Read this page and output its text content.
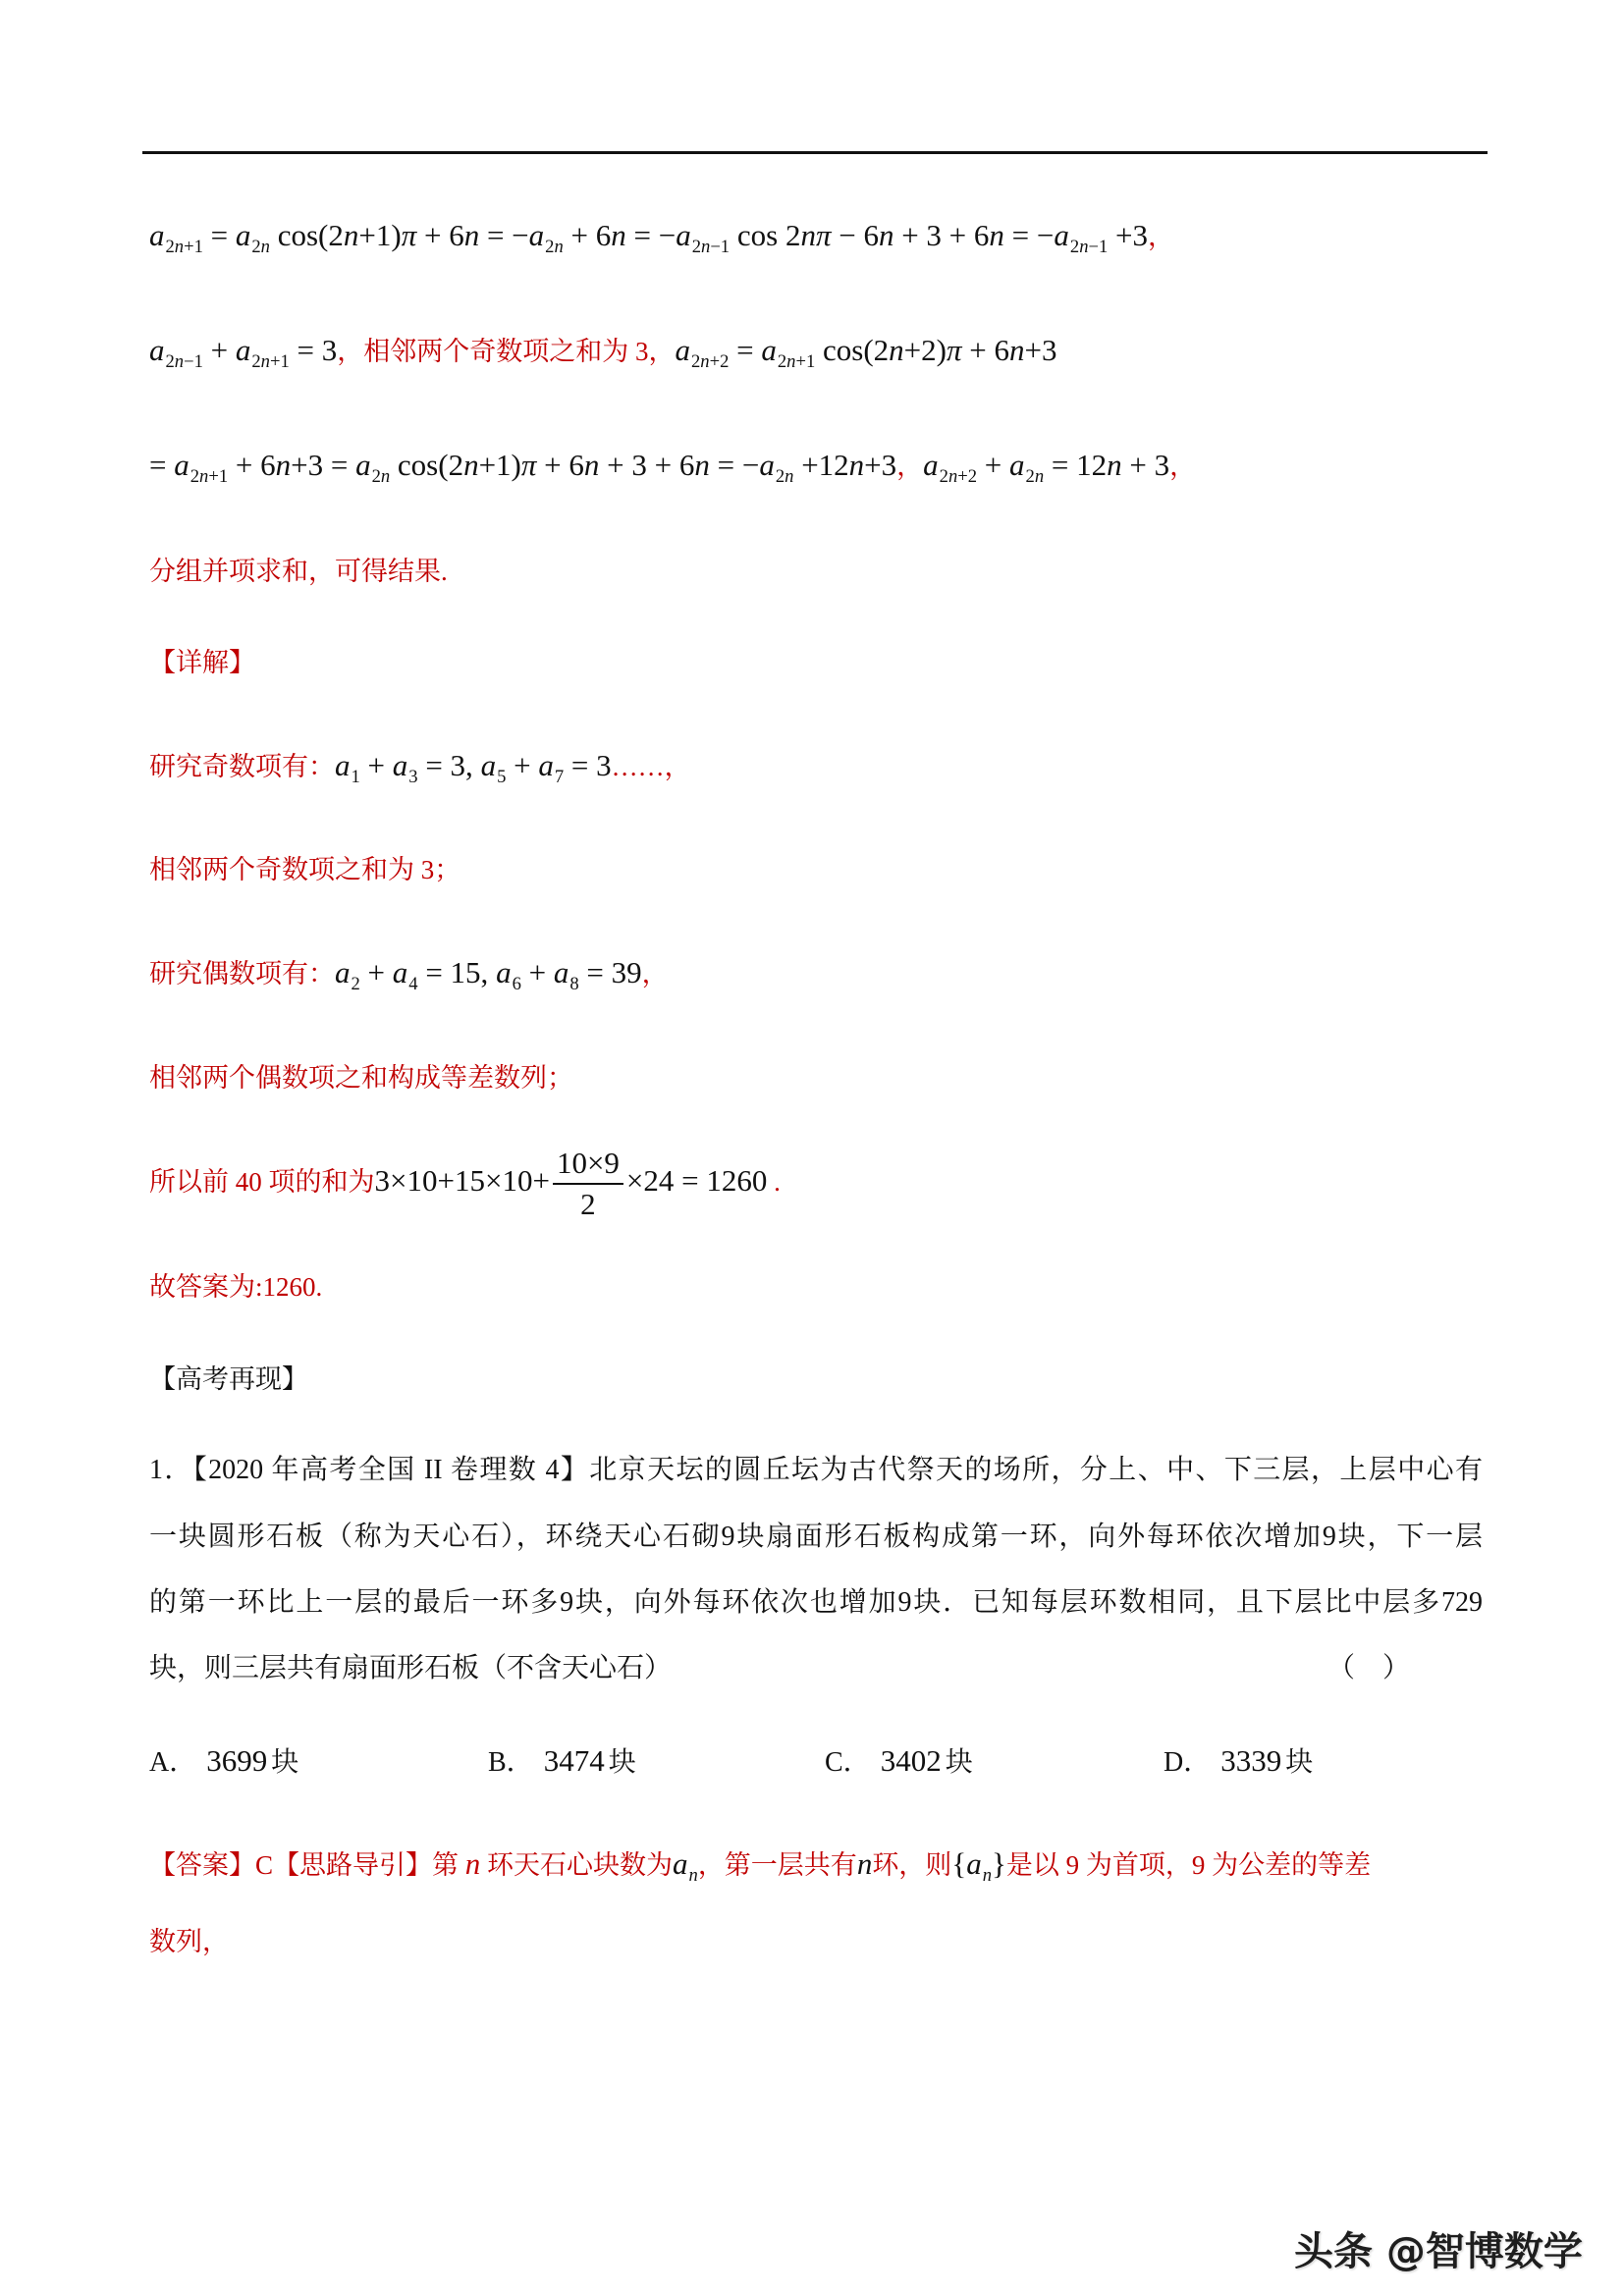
$a_{2n+1} = a_{2n}$ $\cos(2n+1)\pi + 6n = -a_{2n} + 6n = -a_{2n-1}$ $\cos 2n\pi - 6n + 3 + 6n = -a_{2n-1} +3$，
$a_{2n-1} + a_{2n+1} = 3$，相邻两个奇数项之和为 3，$a_{2n+2} = a_{2n+1}$ cos(2n+2)π + 6n+3
= $a_{2n+1} + 6n+3 = a_{2n}$ $\cos(2n+1)\pi + 6n + 3 + 6n = -a_{2n} +12n+3$，$a_{2n+2} + a_{2n} = 12n + 3$，
分组并项求和，可得结果.
【详解】
研究奇数项有：$a_1 + a_3 = 3$, $a_5 + a_7$ = 3……，
相邻两个奇数项之和为 3；
研究偶数项有：$a_2 + a_4 = 15$, $a_6 + a_8 = 39$，
相邻两个偶数项之和构成等差数列；
所以前 40 项的和为$3\times 10+15\times 10+ \frac{10\times 9}{2} \times 24 = 1260$ .
故答案为:1260.
【高考再现】
1．【2020 年高考全国 II 卷理数 4】北京天坛的圆丘坛为古代祭天的场所，分上、中、下三层，上层中心有
一块圆形石板（称为天心石），环绕天心石砌9块扇面形石板构成第一环，向外每环依次增加9块，下一层
的第一环比上一层的最后一环多9块，向外每环依次也增加9块．已知每层环数相同，且下层比中层多729
块，则三层共有扇面形石板（不含天心石）	（    ）
A． 3699 块	B． 3474 块	C． 3402 块	D． 3339 块
【答案】C【思路导引】第 n 环天石心块数为$a_n$，第一层共有n环，则$\{a_n\}$是以 9 为首项，9 为公差的等差
数列，
头条 @智博数学
